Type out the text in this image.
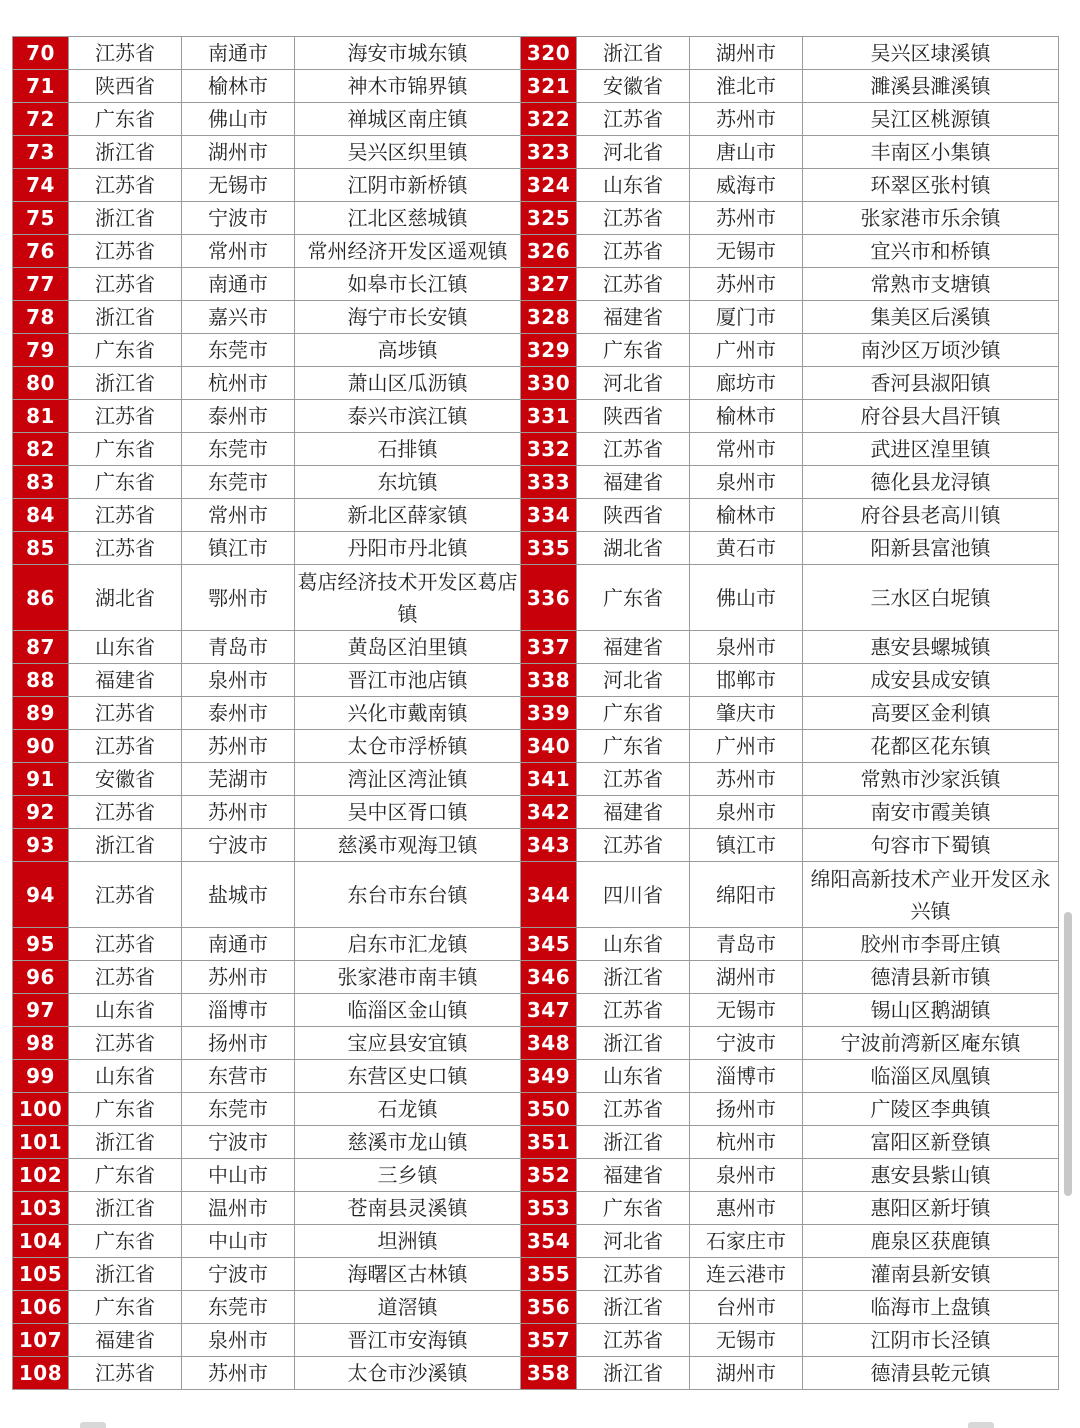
70	江苏省	南通市	海安市城东镇	320	浙江省	湖州市	吴兴区埭溪镇
71	陕西省	榆林市	神木市锦界镇	321	安徽省	淮北市	濉溪县濉溪镇
72	广东省	佛山市	禅城区南庄镇	322	江苏省	苏州市	吴江区桃源镇
73	浙江省	湖州市	吴兴区织里镇	323	河北省	唐山市	丰南区小集镇
74	江苏省	无锡市	江阴市新桥镇	324	山东省	威海市	环翠区张村镇
75	浙江省	宁波市	江北区慈城镇	325	江苏省	苏州市	张家港市乐余镇
76	江苏省	常州市	常州经济开发区遥观镇	326	江苏省	无锡市	宜兴市和桥镇
77	江苏省	南通市	如皋市长江镇	327	江苏省	苏州市	常熟市支塘镇
78	浙江省	嘉兴市	海宁市长安镇	328	福建省	厦门市	集美区后溪镇
79	广东省	东莞市	高埗镇	329	广东省	广州市	南沙区万顷沙镇
80	浙江省	杭州市	萧山区瓜沥镇	330	河北省	廊坊市	香河县淑阳镇
81	江苏省	泰州市	泰兴市滨江镇	331	陕西省	榆林市	府谷县大昌汗镇
82	广东省	东莞市	石排镇	332	江苏省	常州市	武进区湟里镇
83	广东省	东莞市	东坑镇	333	福建省	泉州市	德化县龙浔镇
84	江苏省	常州市	新北区薛家镇	334	陕西省	榆林市	府谷县老高川镇
85	江苏省	镇江市	丹阳市丹北镇	335	湖北省	黄石市	阳新县富池镇
86	湖北省	鄂州市	葛店经济技术开发区葛店镇	336	广东省	佛山市	三水区白坭镇
87	山东省	青岛市	黄岛区泊里镇	337	福建省	泉州市	惠安县螺城镇
88	福建省	泉州市	晋江市池店镇	338	河北省	邯郸市	成安县成安镇
89	江苏省	泰州市	兴化市戴南镇	339	广东省	肇庆市	高要区金利镇
90	江苏省	苏州市	太仓市浮桥镇	340	广东省	广州市	花都区花东镇
91	安徽省	芜湖市	湾沚区湾沚镇	341	江苏省	苏州市	常熟市沙家浜镇
92	江苏省	苏州市	吴中区胥口镇	342	福建省	泉州市	南安市霞美镇
93	浙江省	宁波市	慈溪市观海卫镇	343	江苏省	镇江市	句容市下蜀镇
94	江苏省	盐城市	东台市东台镇	344	四川省	绵阳市	绵阳高新技术产业开发区永兴镇
95	江苏省	南通市	启东市汇龙镇	345	山东省	青岛市	胶州市李哥庄镇
96	江苏省	苏州市	张家港市南丰镇	346	浙江省	湖州市	德清县新市镇
97	山东省	淄博市	临淄区金山镇	347	江苏省	无锡市	锡山区鹅湖镇
98	江苏省	扬州市	宝应县安宜镇	348	浙江省	宁波市	宁波前湾新区庵东镇
99	山东省	东营市	东营区史口镇	349	山东省	淄博市	临淄区凤凰镇
100	广东省	东莞市	石龙镇	350	江苏省	扬州市	广陵区李典镇
101	浙江省	宁波市	慈溪市龙山镇	351	浙江省	杭州市	富阳区新登镇
102	广东省	中山市	三乡镇	352	福建省	泉州市	惠安县紫山镇
103	浙江省	温州市	苍南县灵溪镇	353	广东省	惠州市	惠阳区新圩镇
104	广东省	中山市	坦洲镇	354	河北省	石家庄市	鹿泉区获鹿镇
105	浙江省	宁波市	海曙区古林镇	355	江苏省	连云港市	灌南县新安镇
106	广东省	东莞市	道滘镇	356	浙江省	台州市	临海市上盘镇
107	福建省	泉州市	晋江市安海镇	357	江苏省	无锡市	江阴市长泾镇
108	江苏省	苏州市	太仓市沙溪镇	358	浙江省	湖州市	德清县乾元镇
